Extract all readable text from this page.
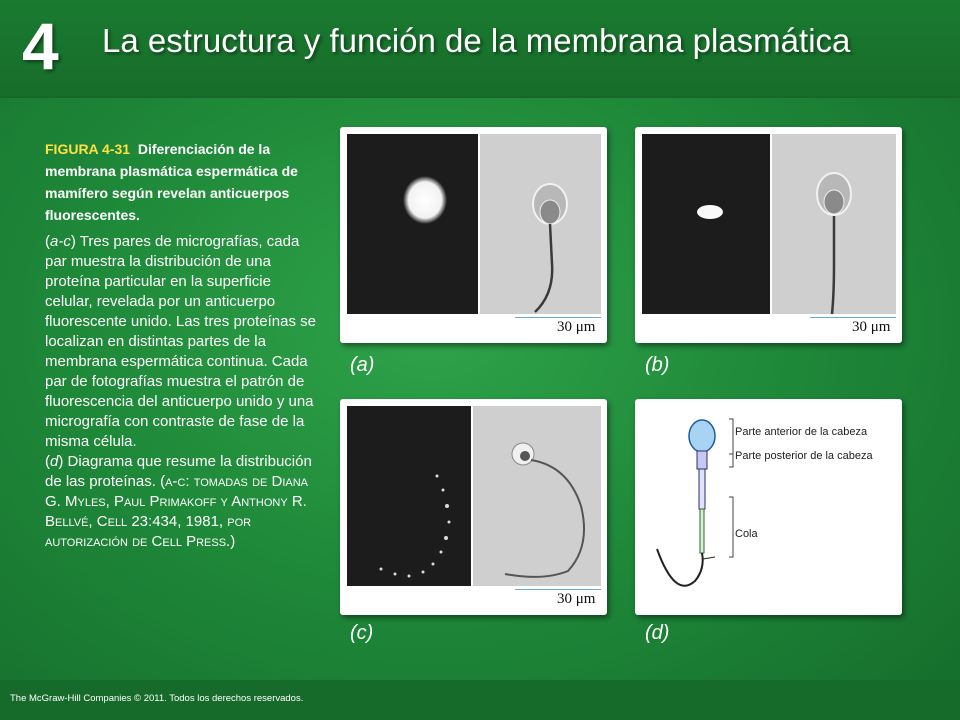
4 La estructura y función de la membrana plasmática
FIGURA 4-31 Diferenciación de la membrana plasmática espermática de mamífero según revelan anticuerpos fluorescentes.

(a-c) Tres pares de micrografías, cada par muestra la distribución de una proteína particular en la superficie celular, revelada por un anticuerpo fluorescente unido. Las tres proteínas se localizan en distintas partes de la membrana espermática continua. Cada par de fotografías muestra el patrón de fluorescencia del anticuerpo unido y una micrografía con contraste de fase de la misma célula.
(d) Diagrama que resume la distribución de las proteínas. (a-c: tomadas de Diana G. Myles, Paul Primakoff y Anthony R. Bellvé, Cell 23:434, 1981, por autorización de Cell Press.)

30 μm
(a)
30 μm
(b)
30 μm
(c)
Parte anterior de la cabeza
Parte posterior de la cabeza
Cola
(d)
The McGraw-Hill Companies © 2011. Todos los derechos reservados.
